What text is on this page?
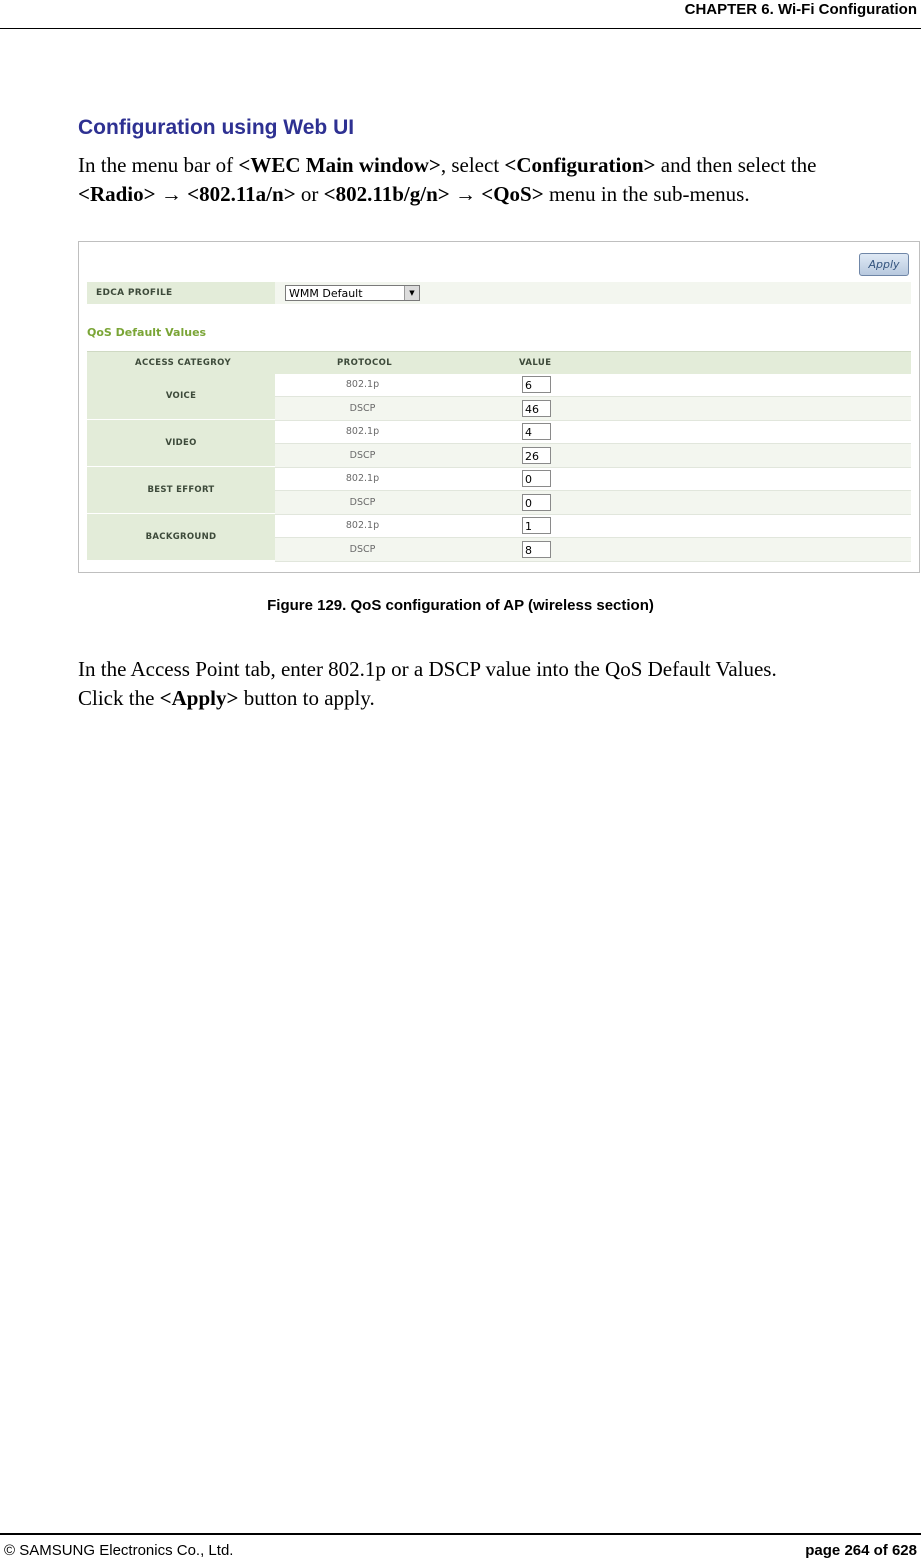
CHAPTER 6. Wi-Fi Configuration
Configuration using Web UI
In the menu bar of <WEC Main window>, select <Configuration> and then select the
<Radio> → <802.11a/n> or <802.11b/g/n> → <QoS> menu in the sub-menus.
Apply
EDCA PROFILE	WMM Default	▼
QoS Default Values
ACCESS CATEGROY	PROTOCOL	VALUE
VOICE
802.1p	6
DSCP	46
VIDEO
802.1p	4
DSCP	26
BEST EFFORT
802.1p	0
DSCP	0
BACKGROUND
802.1p	1
DSCP	8
Figure 129. QoS configuration of AP (wireless section)
In the Access Point tab, enter 802.1p or a DSCP value into the QoS Default Values.
Click the <Apply> button to apply.
© SAMSUNG Electronics Co., Ltd.	page 264 of 628
